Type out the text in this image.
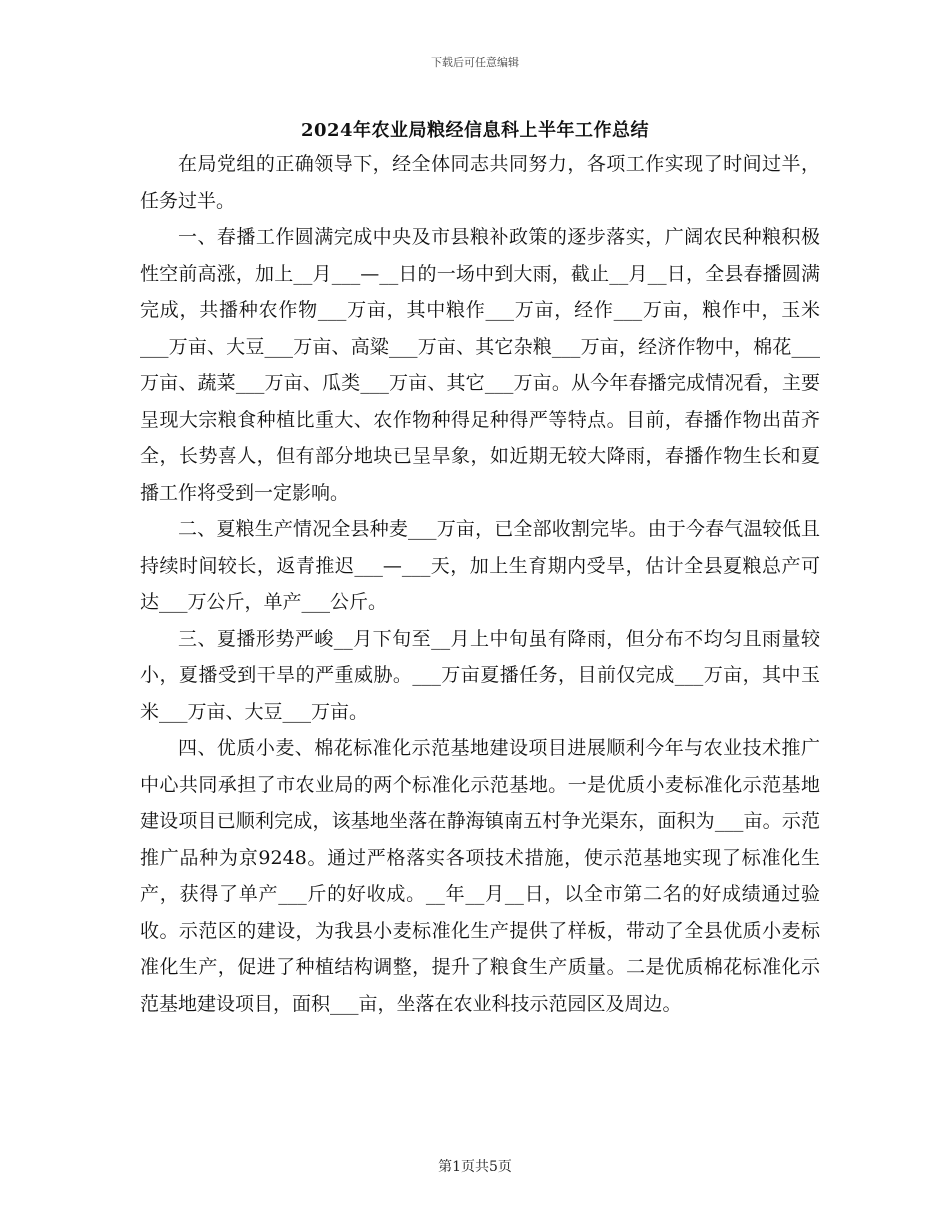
下载后可任意编辑
2024年农业局粮经信息科上半年工作总结

在局党组的正确领导下，经全体同志共同努力，各项工作实现了时间过半，任务过半。

一、春播工作圆满完成中央及市县粮补政策的逐步落实，广阔农民种粮积极性空前高涨，加上__月___—__日的一场中到大雨，截止__月__日，全县春播圆满完成，共播种农作物___万亩，其中粮作___万亩，经作___万亩，粮作中，玉米___万亩、大豆___万亩、高粱___万亩、其它杂粮___万亩，经济作物中，棉花___万亩、蔬菜___万亩、瓜类___万亩、其它___万亩。从今年春播完成情况看，主要呈现大宗粮食种植比重大、农作物种得足种得严等特点。目前，春播作物出苗齐全，长势喜人，但有部分地块已呈旱象，如近期无较大降雨，春播作物生长和夏播工作将受到一定影响。

二、夏粮生产情况全县种麦___万亩，已全部收割完毕。由于今春气温较低且持续时间较长，返青推迟___—___天，加上生育期内受旱，估计全县夏粮总产可达___万公斤，单产___公斤。

三、夏播形势严峻__月下旬至__月上中旬虽有降雨，但分布不均匀且雨量较小，夏播受到干旱的严重威胁。___万亩夏播任务，目前仅完成___万亩，其中玉米___万亩、大豆___万亩。

四、优质小麦、棉花标准化示范基地建设项目进展顺利今年与农业技术推广中心共同承担了市农业局的两个标准化示范基地。一是优质小麦标准化示范基地建设项目已顺利完成，该基地坐落在静海镇南五村争光渠东，面积为___亩。示范推广品种为京9248。通过严格落实各项技术措施，使示范基地实现了标准化生产，获得了单产___斤的好收成。__年__月__日，以全市第二名的好成绩通过验收。示范区的建设，为我县小麦标准化生产提供了样板，带动了全县优质小麦标准化生产，促进了种植结构调整，提升了粮食生产质量。二是优质棉花标准化示范基地建设项目，面积___亩，坐落在农业科技示范园区及周边。

第1页共5页
